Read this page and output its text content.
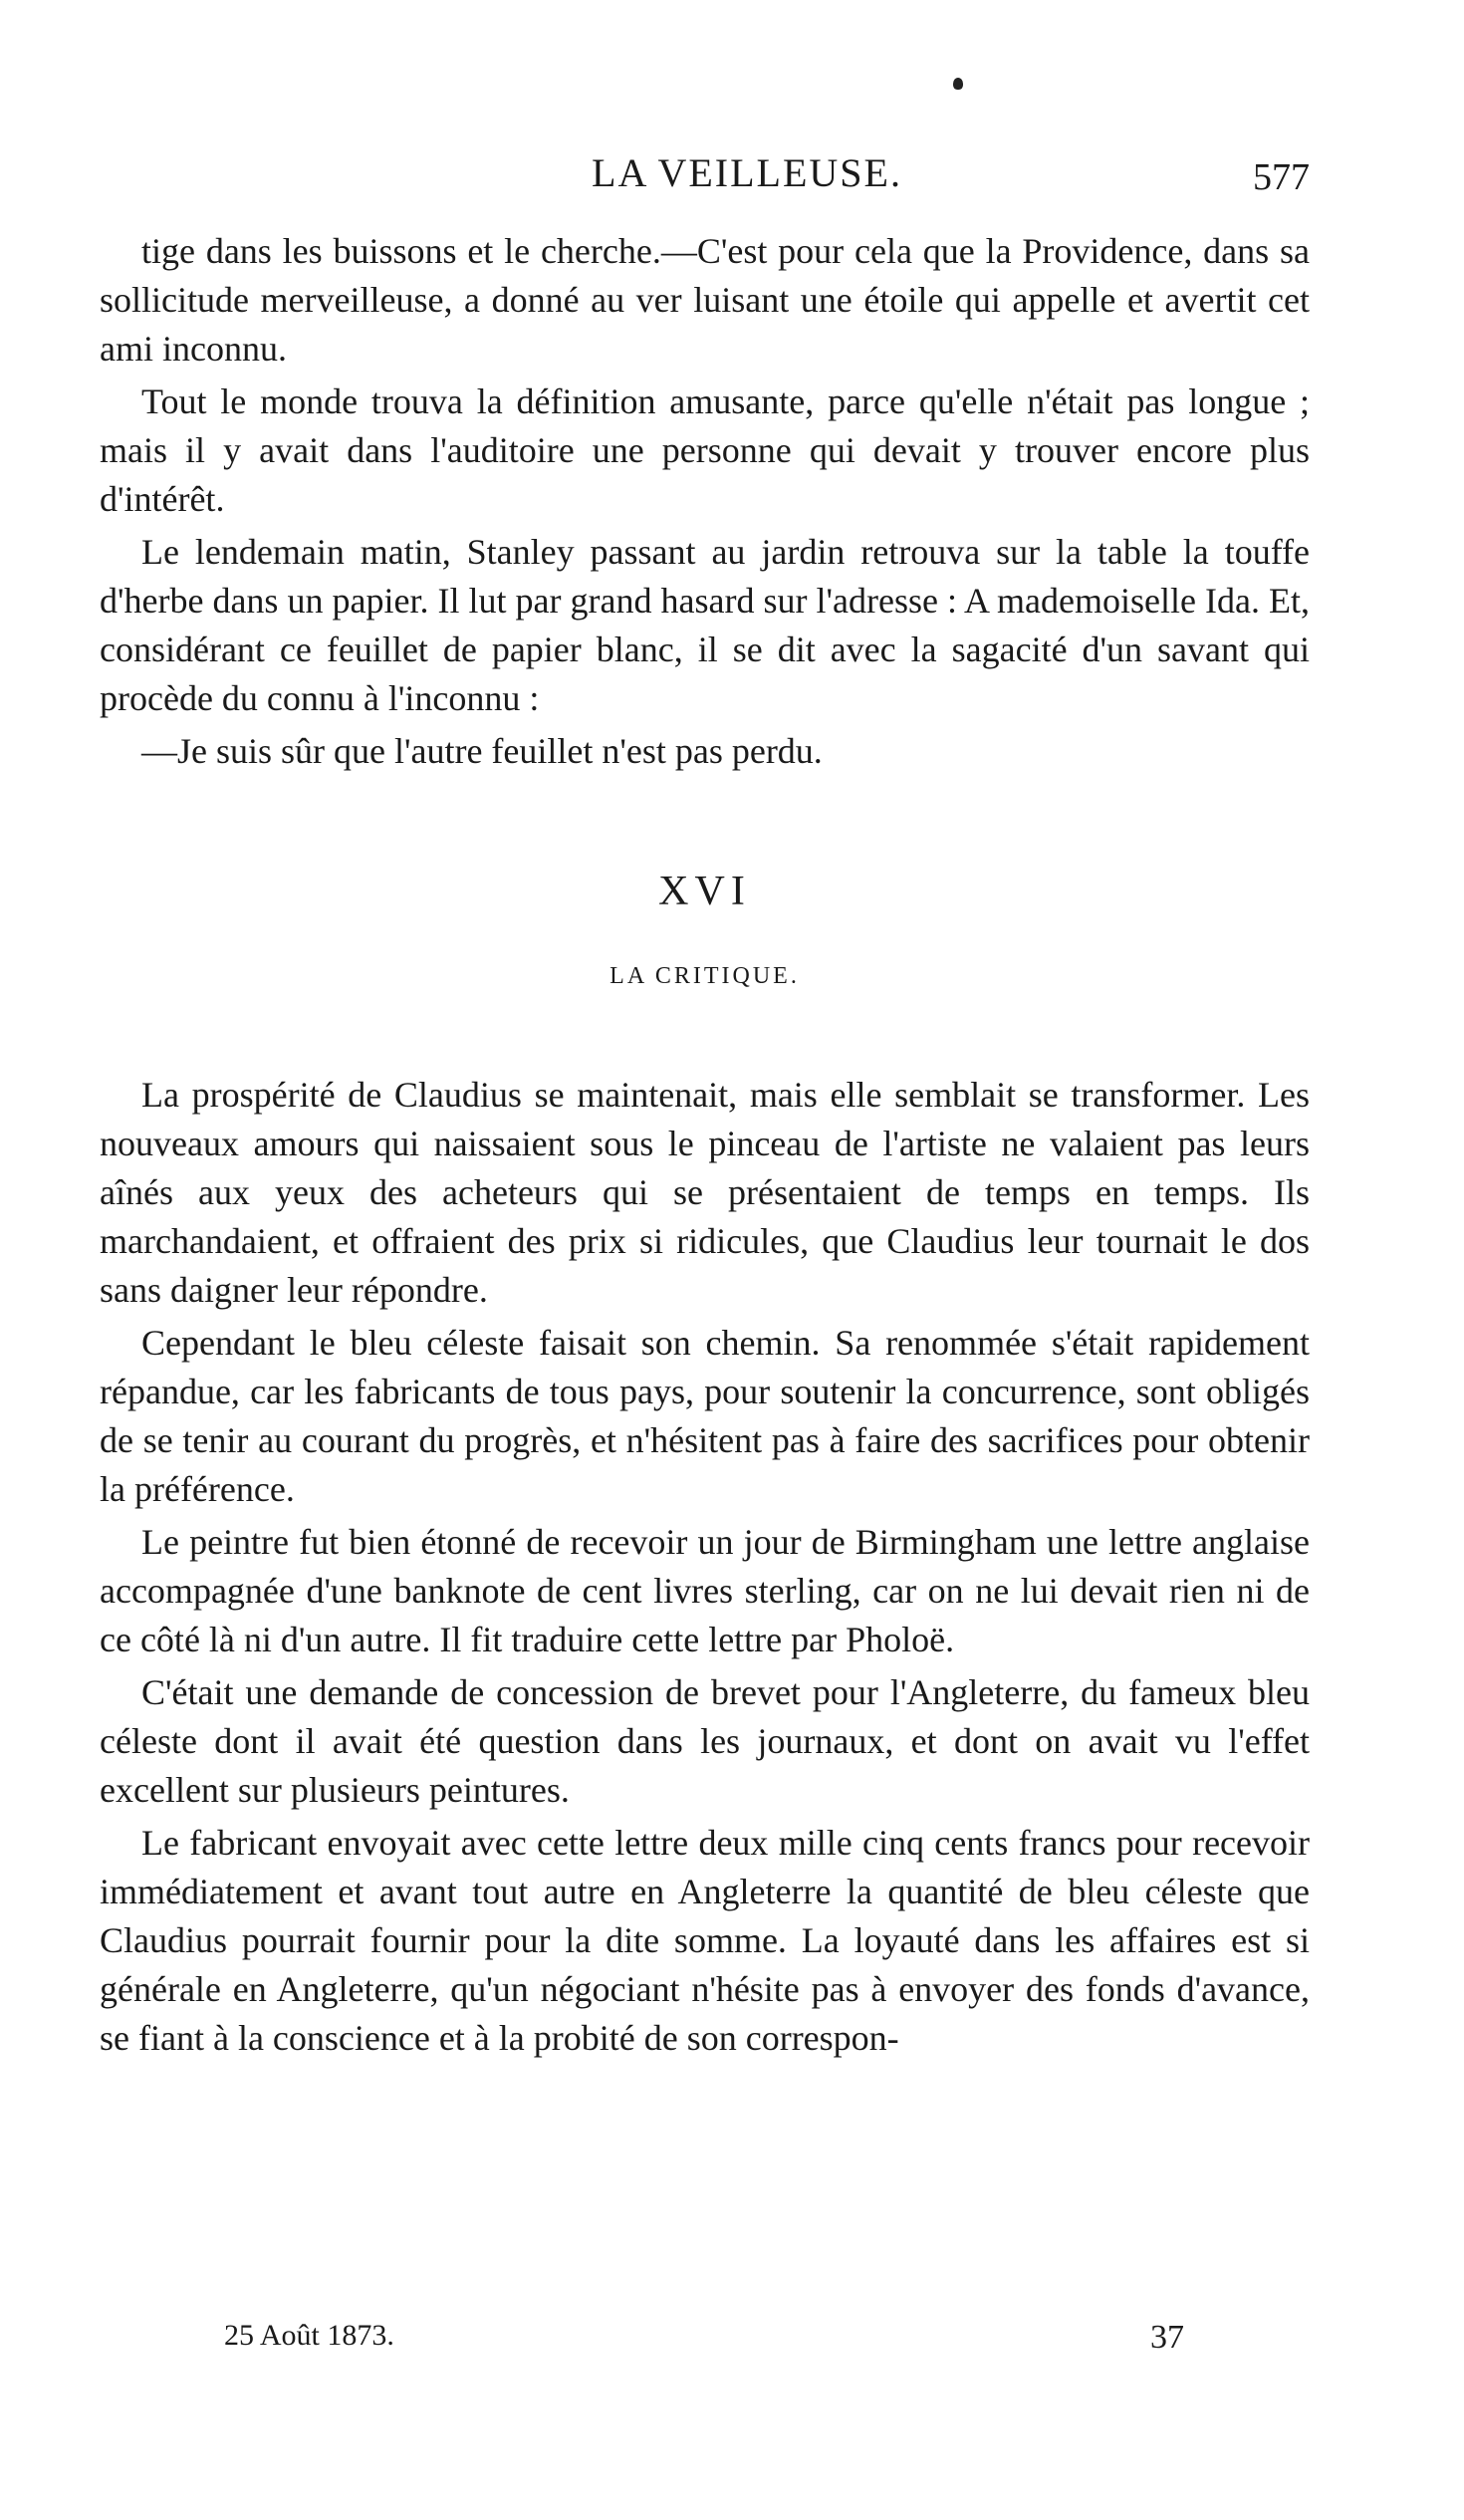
LA VEILLEUSE.	577

tige dans les buissons et le cherche.—C'est pour cela que la Providence, dans sa sollicitude merveilleuse, a donné au ver luisant une étoile qui appelle et avertit cet ami inconnu.

Tout le monde trouva la définition amusante, parce qu'elle n'était pas longue ; mais il y avait dans l'auditoire une personne qui devait y trouver encore plus d'intérêt.

Le lendemain matin, Stanley passant au jardin retrouva sur la table la touffe d'herbe dans un papier. Il lut par grand hasard sur l'adresse : A mademoiselle Ida. Et, considérant ce feuillet de papier blanc, il se dit avec la sagacité d'un savant qui procède du connu à l'inconnu :

—Je suis sûr que l'autre feuillet n'est pas perdu.

XVI
LA CRITIQUE.

La prospérité de Claudius se maintenait, mais elle semblait se transformer. Les nouveaux amours qui naissaient sous le pinceau de l'artiste ne valaient pas leurs aînés aux yeux des acheteurs qui se présentaient de temps en temps. Ils marchandaient, et offraient des prix si ridicules, que Claudius leur tournait le dos sans daigner leur répondre.

Cependant le bleu céleste faisait son chemin. Sa renommée s'était rapidement répandue, car les fabricants de tous pays, pour soutenir la concurrence, sont obligés de se tenir au courant du progrès, et n'hésitent pas à faire des sacrifices pour obtenir la préférence.

Le peintre fut bien étonné de recevoir un jour de Birmingham une lettre anglaise accompagnée d'une banknote de cent livres sterling, car on ne lui devait rien ni de ce côté là ni d'un autre. Il fit traduire cette lettre par Pholoë.

C'était une demande de concession de brevet pour l'Angleterre, du fameux bleu céleste dont il avait été question dans les journaux, et dont on avait vu l'effet excellent sur plusieurs peintures.

Le fabricant envoyait avec cette lettre deux mille cinq cents francs pour recevoir immédiatement et avant tout autre en Angleterre la quantité de bleu céleste que Claudius pourrait fournir pour la dite somme. La loyauté dans les affaires est si générale en Angleterre, qu'un négociant n'hésite pas à envoyer des fonds d'avance, se fiant à la conscience et à la probité de son correspon-

25 Août 1873.	37
